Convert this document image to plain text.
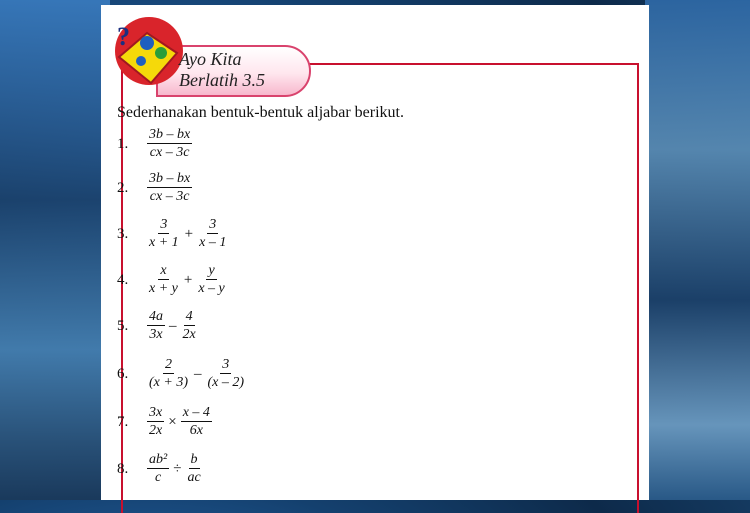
?
Ayo Kita
Berlatih 3.5
Sederhanakan bentuk-bentuk aljabar berikut.
1.	$\frac{3b - bx}{cx - 3c}$
2.	$\frac{3b - bx}{cx - 3c}$
3.	$\frac{3}{x + 1} + \frac{3}{x - 1}$
4.	$\frac{x}{x + y} + \frac{y}{x - y}$
5.	$\frac{4a}{3x} - \frac{4}{2x}$
6.	$\frac{2}{(x + 3)} - \frac{3}{(x - 2)}$
7.	$\frac{3x}{2x} \times \frac{x - 4}{6x}$
8.	$\frac{\text{ab²}}{c} \div \frac{b}{ac}$
